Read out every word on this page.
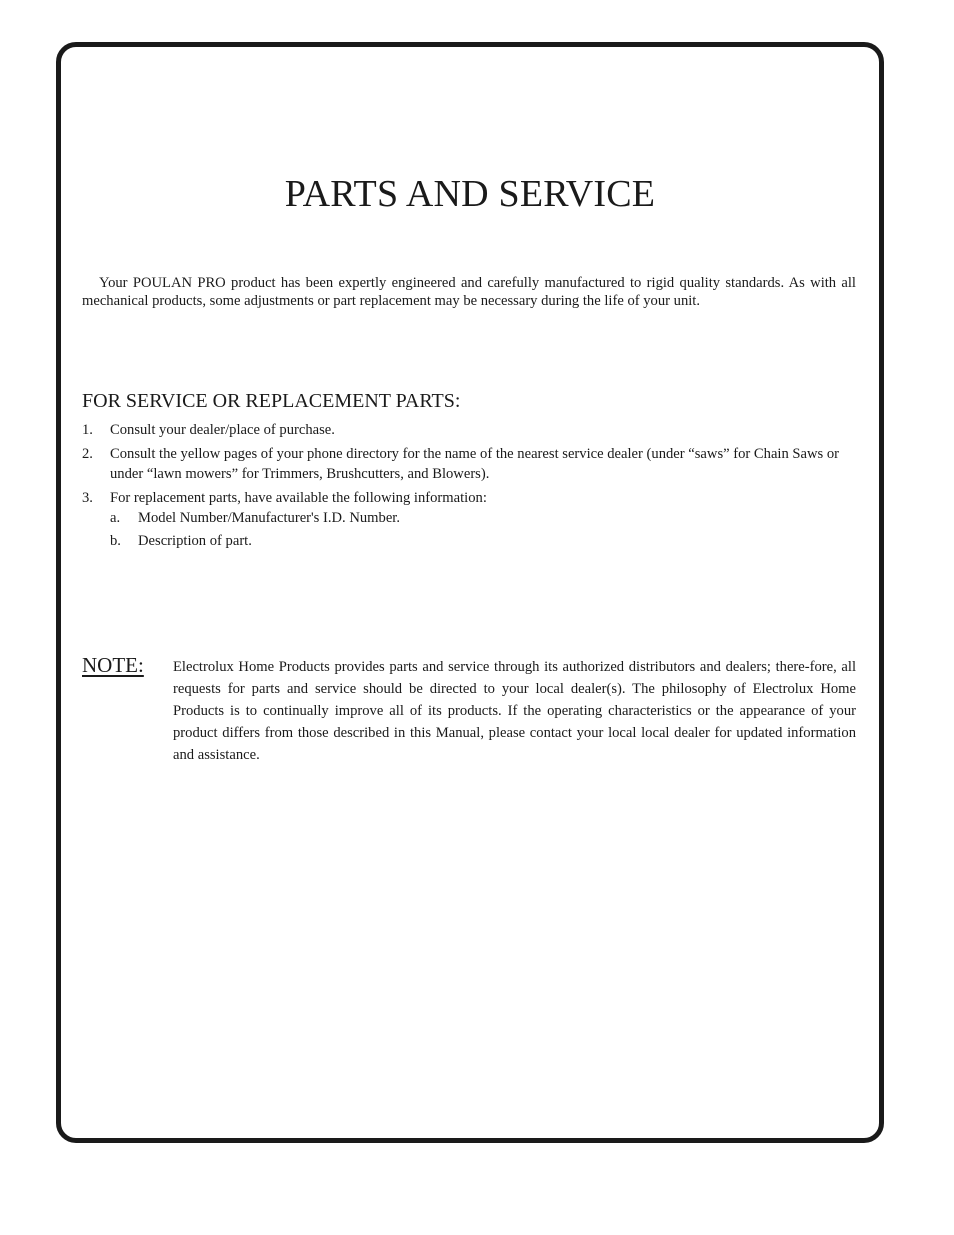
PARTS AND SERVICE

Your POULAN PRO product has been expertly engineered and carefully manufactured to rigid quality standards. As with all mechanical products, some adjustments or part replacement may be necessary during the life of your unit.

FOR SERVICE OR REPLACEMENT PARTS:
1. Consult your dealer/place of purchase.
2. Consult the yellow pages of your phone directory for the name of the nearest service dealer (under “saws” for Chain Saws or under “lawn mowers” for Trimmers, Brushcutters, and Blowers).
3. For replacement parts, have available the following information:
a. Model Number/Manufacturer's I.D. Number.
b. Description of part.

NOTE: Electrolux Home Products provides parts and service through its authorized distributors and dealers; there-fore, all requests for parts and service should be directed to your local dealer(s). The philosophy of Electrolux Home Products is to continually improve all of its products. If the operating characteristics or the appearance of your product differs from those described in this Manual, please contact your local local dealer for updated information and assistance.
